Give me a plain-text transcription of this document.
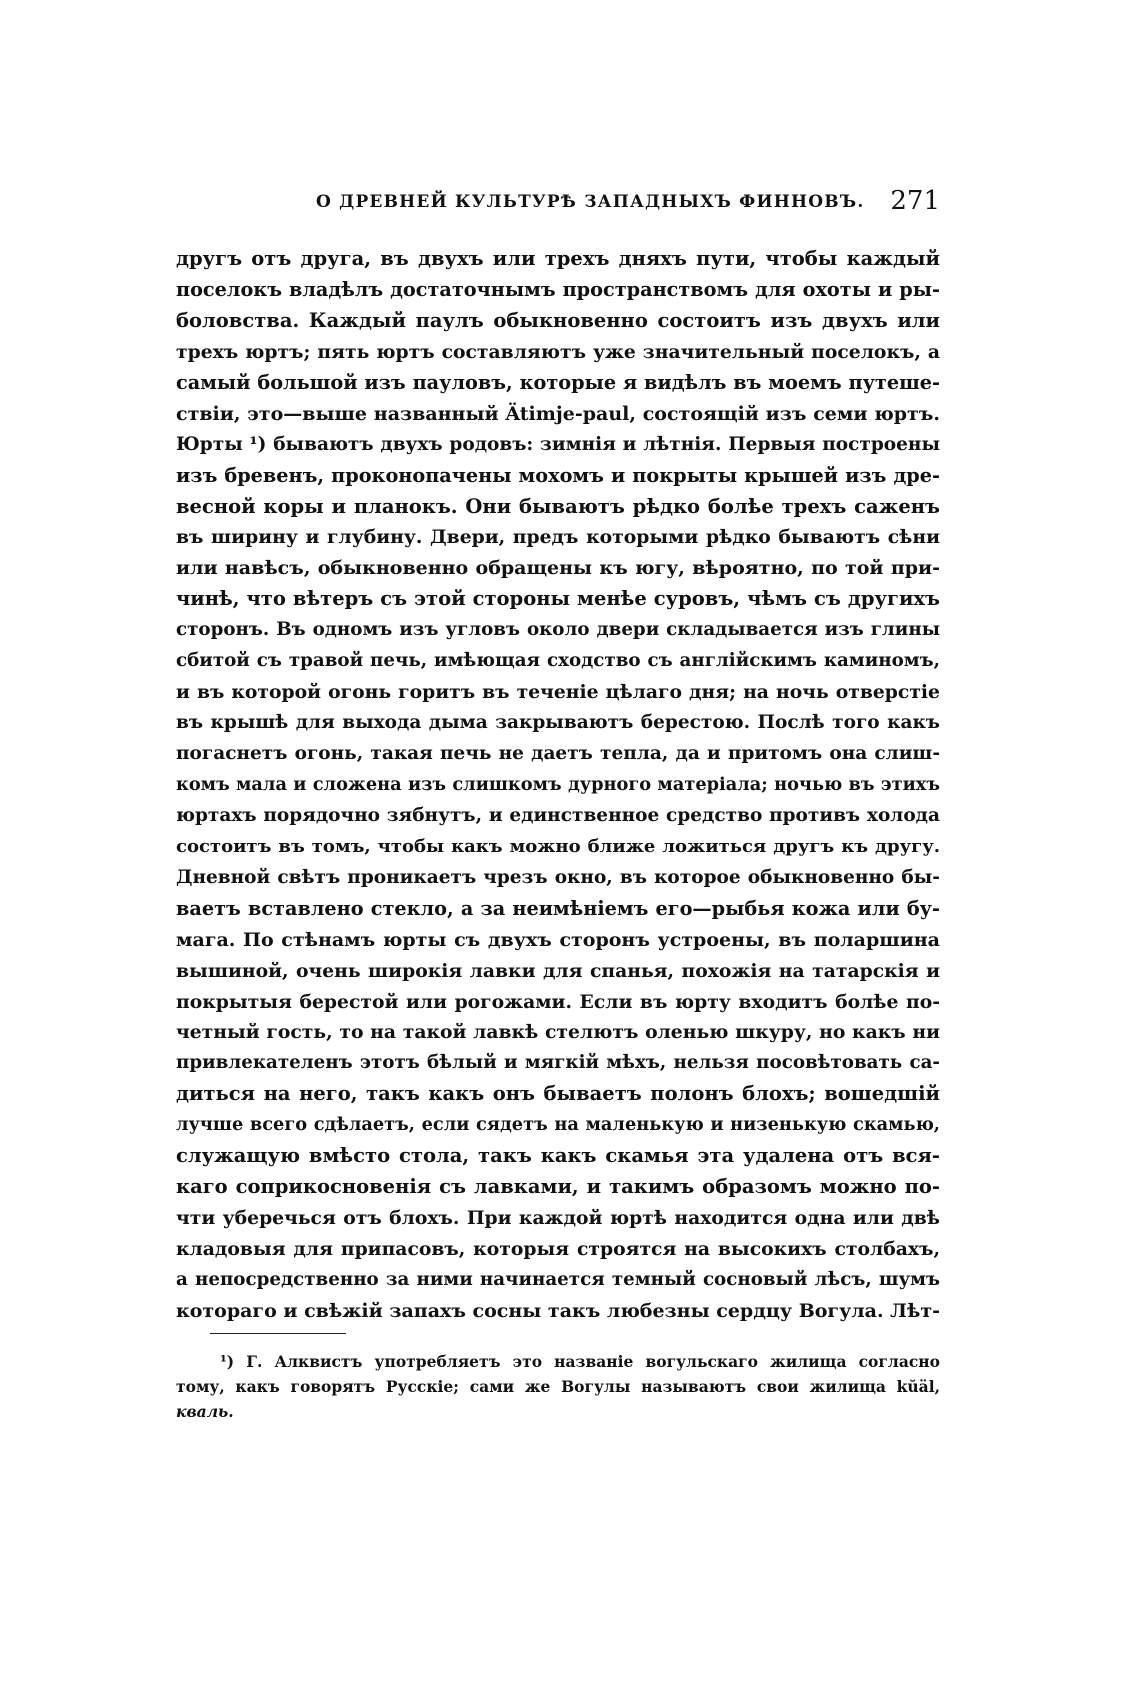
О ДРЕВНЕЙ КУЛЬТУРѢ ЗАПАДНЫХЪ ФИННОВЪ. 271
другъ отъ друга, въ двухъ или трехъ дняхъ пути, чтобы каждый
поселокъ владѣлъ достаточнымъ пространствомъ для охоты и ры-
боловства. Каждый паулъ обыкновенно состоитъ изъ двухъ или
трехъ юртъ; пять юртъ составляютъ уже значительный поселокъ, а
самый большой изъ пауловъ, которые я видѣлъ въ моемъ путеше-
ствіи, это—выше названный Ätimje-paul, состоящій изъ семи юртъ.
Юрты ¹) бываютъ двухъ родовъ: зимнія и лѣтнія. Первыя построены
изъ бревенъ, проконопачены мохомъ и покрыты крышей изъ дре-
весной коры и планокъ. Они бываютъ рѣдко болѣе трехъ саженъ
въ ширину и глубину. Двери, предъ которыми рѣдко бываютъ сѣни
или навѣсъ, обыкновенно обращены къ югу, вѣроятно, по той при-
чинѣ, что вѣтеръ съ этой стороны менѣе суровъ, чѣмъ съ другихъ
сторонъ. Въ одномъ изъ угловъ около двери складывается изъ глины
сбитой съ травой печь, имѣющая сходство съ англійскимъ каминомъ,
и въ которой огонь горитъ въ теченіе цѣлаго дня; на ночь отверстіе
въ крышѣ для выхода дыма закрываютъ берестою. Послѣ того какъ
погаснетъ огонь, такая печь не даетъ тепла, да и притомъ она слиш-
комъ мала и сложена изъ слишкомъ дурного матеріала; ночью въ этихъ
юртахъ порядочно зябнутъ, и единственное средство противъ холода
состоитъ въ томъ, чтобы какъ можно ближе ложиться другъ къ другу.
Дневной свѣтъ проникаетъ чрезъ окно, въ которое обыкновенно бы-
ваетъ вставлено стекло, а за неимѣніемъ его—рыбья кожа или бу-
мага. По стѣнамъ юрты съ двухъ сторонъ устроены, въ поларшина
вышиной, очень широкія лавки для спанья, похожія на татарскія и
покрытыя берестой или рогожами. Если въ юрту входитъ болѣе по-
четный гость, то на такой лавкѣ стелютъ оленью шкуру, но какъ ни
привлекателенъ этотъ бѣлый и мягкій мѣхъ, нельзя посовѣтовать са-
диться на него, такъ какъ онъ бываетъ полонъ блохъ; вошедшій
лучше всего сдѣлаетъ, если сядетъ на маленькую и низенькую скамью,
служащую вмѣсто стола, такъ какъ скамья эта удалена отъ вся-
каго соприкосновенія съ лавками, и такимъ образомъ можно по-
чти уберечься отъ блохъ. При каждой юртѣ находится одна или двѣ
кладовыя для припасовъ, которыя строятся на высокихъ столбахъ,
а непосредственно за ними начинается темный сосновый лѣсъ, шумъ
котораго и свѣжій запахъ сосны такъ любезны сердцу Вогула. Лѣт-
¹) Г. Алквистъ употребляетъ это названіе вогульскаго жилища согласно
тому, какъ говорятъ Русскіе; сами же Вогулы называютъ свои жилища kŭäl,
кваль.
